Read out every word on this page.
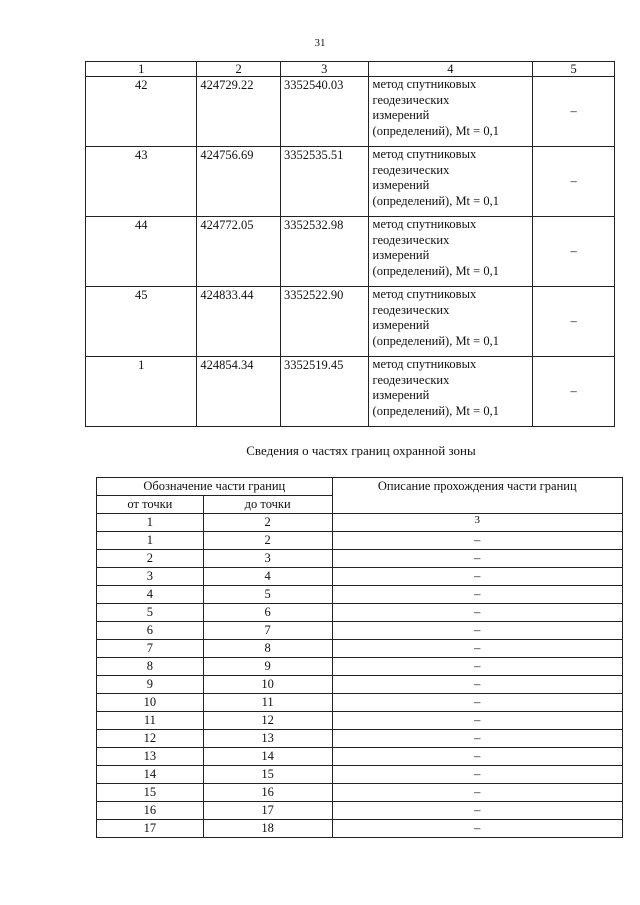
31
1	2	3	4	5
42	424729.22	3352540.03	метод спутниковых
геодезических
измерений
(определений), Mt = 0,1	–
43	424756.69	3352535.51	метод спутниковых
геодезических
измерений
(определений), Mt = 0,1	–
44	424772.05	3352532.98	метод спутниковых
геодезических
измерений
(определений), Mt = 0,1	–
45	424833.44	3352522.90	метод спутниковых
геодезических
измерений
(определений), Mt = 0,1	–
1	424854.34	3352519.45	метод спутниковых
геодезических
измерений
(определений), Mt = 0,1	–
Сведения о частях границ охранной зоны
Обозначение части границ		Описание прохождения части границ
от точки	до точки	
1	2	3
1	2	–
2	3	–
3	4	–
4	5	–
5	6	–
6	7	–
7	8	–
8	9	–
9	10	–
10	11	–
11	12	–
12	13	–
13	14	–
14	15	–
15	16	–
16	17	–
17	18	–
